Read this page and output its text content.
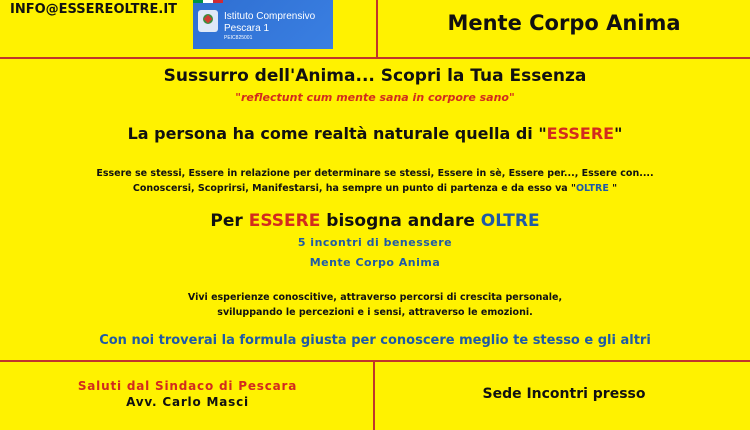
INFO@ESSEREOLTRE.IT	Istituto Comprensivo
Pescara 1
PEIC825001
Mente Corpo Anima
Sussurro dell'Anima... Scopri la Tua Essenza
"reflectunt cum mente sana in corpore sano"
La persona ha come realtà naturale quella di "ESSERE"
Essere se stessi, Essere in relazione per determinare se stessi, Essere in sè, Essere per..., Essere con....
Conoscersi, Scoprirsi, Manifestarsi, ha sempre un punto di partenza e da esso va "OLTRE "
Per ESSERE bisogna andare OLTRE
5 incontri di benessere
Mente Corpo Anima
Vivi esperienze conoscitive, attraverso percorsi di crescita personale,
sviluppando le percezioni e i sensi, attraverso le emozioni.
Con noi troverai la formula giusta per conoscere meglio te stesso e gli altri
Saluti dal Sindaco di Pescara
Avv. Carlo Masci	Sede Incontri presso
